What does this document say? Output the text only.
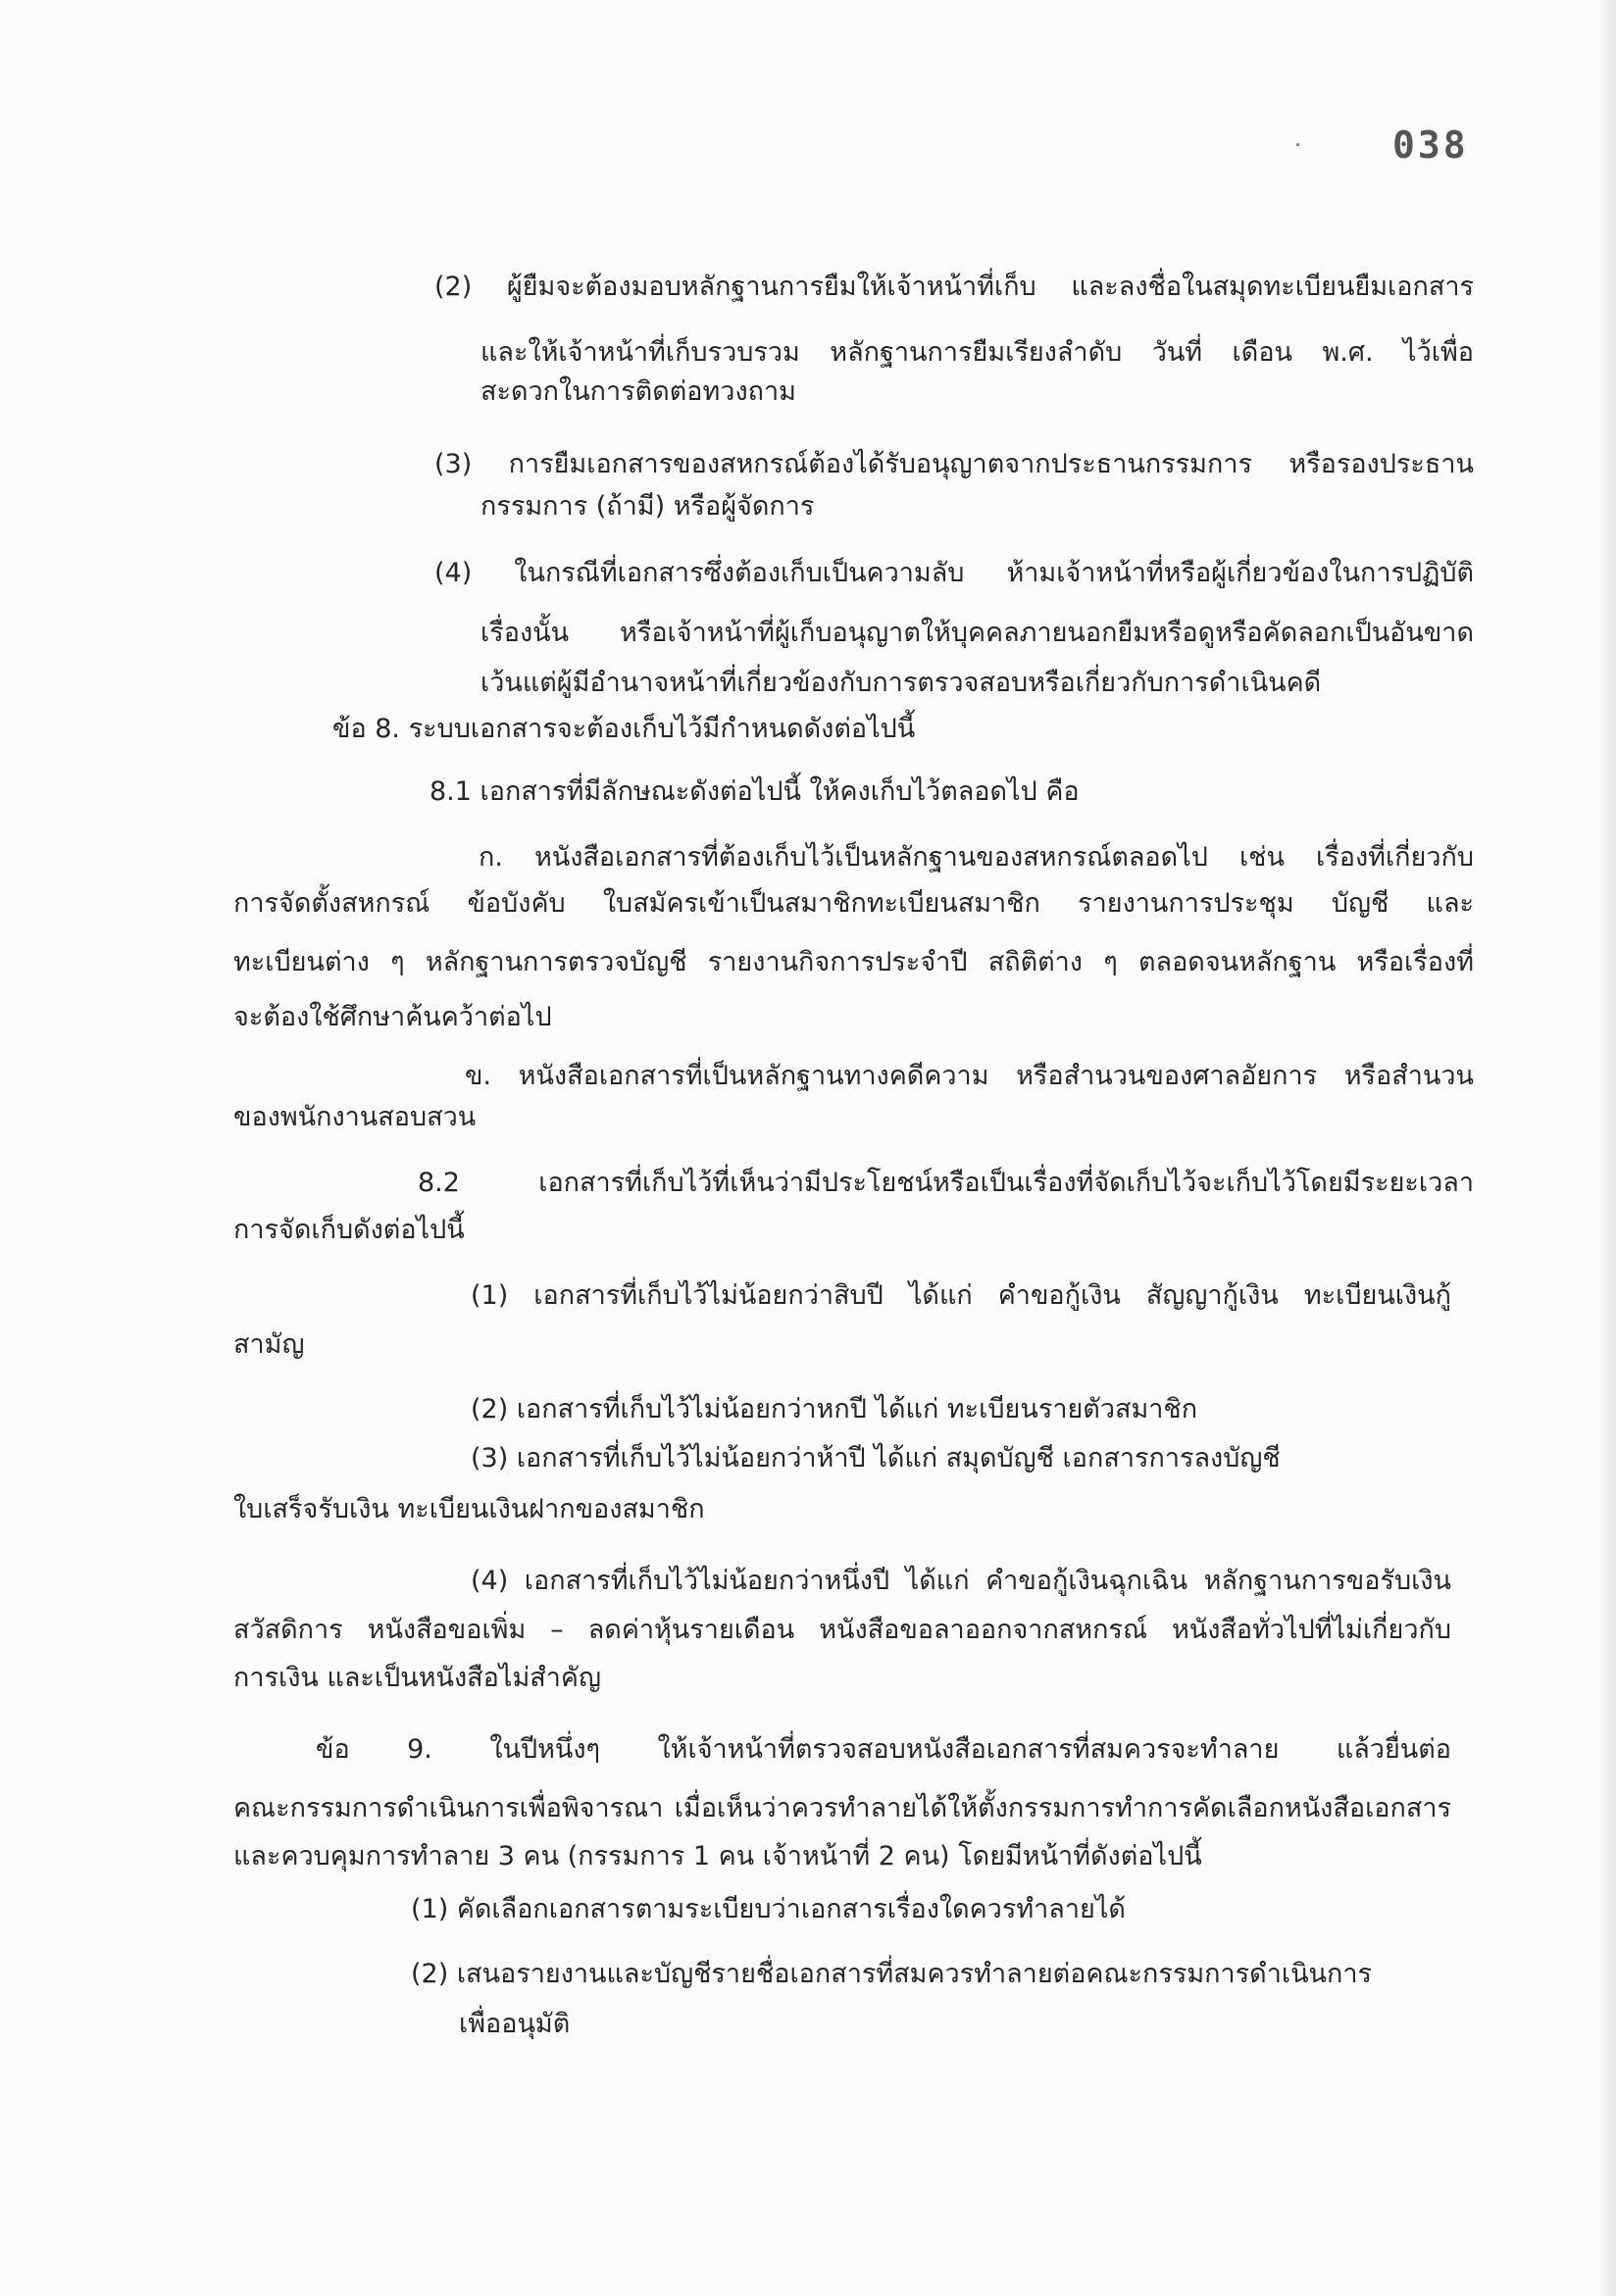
038
(2) ผู้ยืมจะต้องมอบหลักฐานการยืมให้เจ้าหน้าที่เก็บ และลงชื่อในสมุดทะเบียนยืมเอกสาร
และให้เจ้าหน้าที่เก็บรวบรวม หลักฐานการยืมเรียงลำดับ วันที่ เดือน พ.ศ. ไว้เพื่อ
สะดวกในการติดต่อทวงถาม
(3) การยืมเอกสารของสหกรณ์ต้องได้รับอนุญาตจากประธานกรรมการ หรือรองประธาน
กรรมการ (ถ้ามี) หรือผู้จัดการ
(4) ในกรณีที่เอกสารซึ่งต้องเก็บเป็นความลับ ห้ามเจ้าหน้าที่หรือผู้เกี่ยวข้องในการปฏิบัติ
เรื่องนั้น หรือเจ้าหน้าที่ผู้เก็บอนุญาตให้บุคคลภายนอกยืมหรือดูหรือคัดลอกเป็นอันขาด
เว้นแต่ผู้มีอำนาจหน้าที่เกี่ยวข้องกับการตรวจสอบหรือเกี่ยวกับการดำเนินคดี
ข้อ 8. ระบบเอกสารจะต้องเก็บไว้มีกำหนดดังต่อไปนี้
8.1 เอกสารที่มีลักษณะดังต่อไปนี้ ให้คงเก็บไว้ตลอดไป คือ
ก. หนังสือเอกสารที่ต้องเก็บไว้เป็นหลักฐานของสหกรณ์ตลอดไป เช่น เรื่องที่เกี่ยวกับ
การจัดตั้งสหกรณ์ ข้อบังคับ ใบสมัครเข้าเป็นสมาชิกทะเบียนสมาชิก รายงานการประชุม บัญชี และ
ทะเบียนต่าง ๆ หลักฐานการตรวจบัญชี รายงานกิจการประจำปี สถิติต่าง ๆ ตลอดจนหลักฐาน หรือเรื่องที่
จะต้องใช้ศึกษาค้นคว้าต่อไป
ข. หนังสือเอกสารที่เป็นหลักฐานทางคดีความ หรือสำนวนของศาลอัยการ หรือสำนวน
ของพนักงานสอบสวน
8.2 เอกสารที่เก็บไว้ที่เห็นว่ามีประโยชน์หรือเป็นเรื่องที่จัดเก็บไว้จะเก็บไว้โดยมีระยะเวลา
การจัดเก็บดังต่อไปนี้
(1) เอกสารที่เก็บไว้ไม่น้อยกว่าสิบปี ได้แก่ คำขอกู้เงิน สัญญากู้เงิน ทะเบียนเงินกู้
สามัญ
(2) เอกสารที่เก็บไว้ไม่น้อยกว่าหกปี ได้แก่ ทะเบียนรายตัวสมาชิก
(3) เอกสารที่เก็บไว้ไม่น้อยกว่าห้าปี ได้แก่ สมุดบัญชี เอกสารการลงบัญชี
ใบเสร็จรับเงิน ทะเบียนเงินฝากของสมาชิก
(4) เอกสารที่เก็บไว้ไม่น้อยกว่าหนึ่งปี ได้แก่ คำขอกู้เงินฉุกเฉิน หลักฐานการขอรับเงิน
สวัสดิการ หนังสือขอเพิ่ม – ลดค่าหุ้นรายเดือน หนังสือขอลาออกจากสหกรณ์ หนังสือทั่วไปที่ไม่เกี่ยวกับ
การเงิน และเป็นหนังสือไม่สำคัญ
ข้อ 9. ในปีหนึ่งๆ ให้เจ้าหน้าที่ตรวจสอบหนังสือเอกสารที่สมควรจะทำลาย แล้วยื่นต่อ
คณะกรรมการดำเนินการเพื่อพิจารณา เมื่อเห็นว่าควรทำลายได้ให้ตั้งกรรมการทำการคัดเลือกหนังสือเอกสาร
และควบคุมการทำลาย 3 คน (กรรมการ 1 คน เจ้าหน้าที่ 2 คน) โดยมีหน้าที่ดังต่อไปนี้
(1) คัดเลือกเอกสารตามระเบียบว่าเอกสารเรื่องใดควรทำลายได้
(2) เสนอรายงานและบัญชีรายชื่อเอกสารที่สมควรทำลายต่อคณะกรรมการดำเนินการ
เพื่ออนุมัติ
